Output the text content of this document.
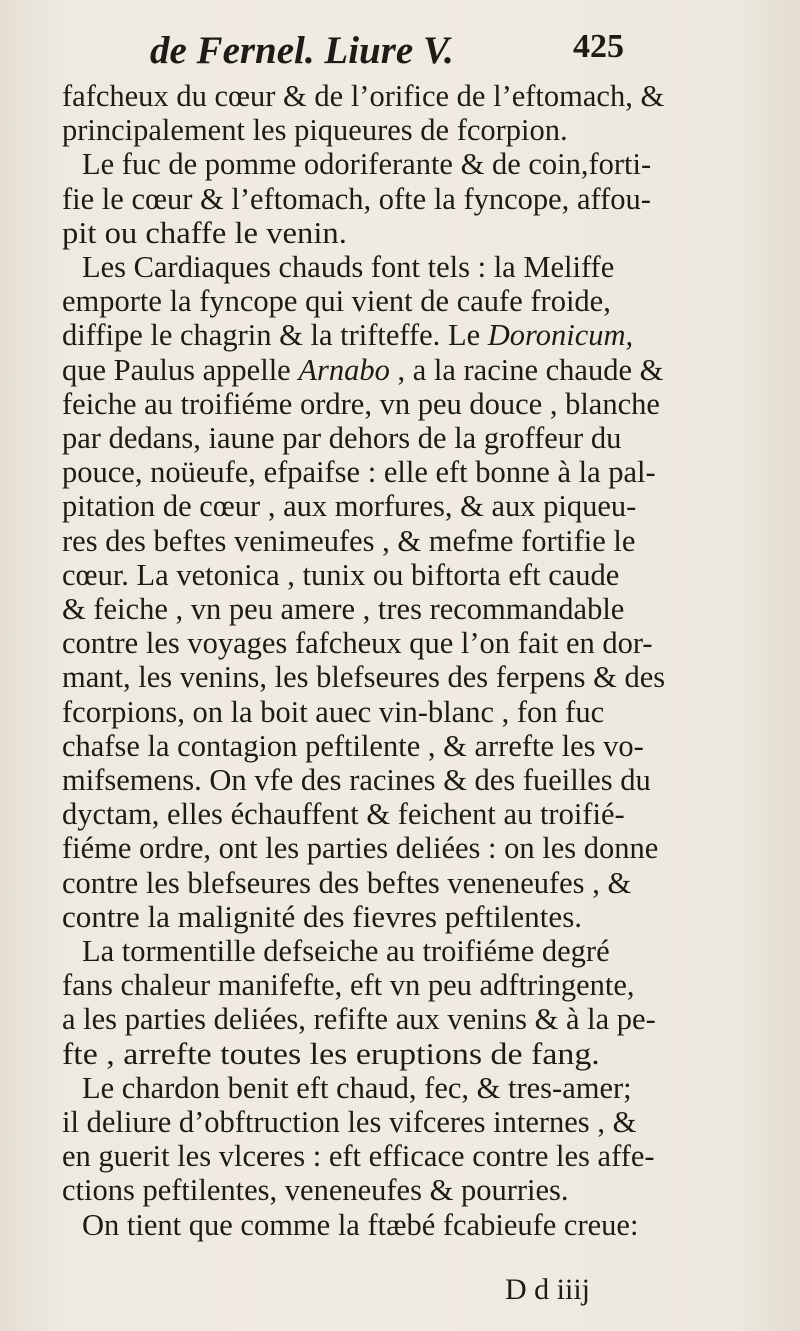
de Fernel. Liure V.	425
fafcheux du cœur & de l’orifice de l’eftomach, &
principalement les piqueures de fcorpion.
Le fuc de pomme odoriferante & de coin,forti-
fie le cœur & l’eftomach, ofte la fyncope, affou-
pit ou chaffe le venin.
Les Cardiaques chauds font tels : la Meliffe
emporte la fyncope qui vient de caufe froide,
diffipe le chagrin & la trifteffe. Le Doronicum,
que Paulus appelle Arnabo , a la racine chaude &
feiche au troifiéme ordre, vn peu douce , blanche
par dedans, iaune par dehors de la groffeur du
pouce, noüeufe, efpaifse : elle eft bonne à la pal-
pitation de cœur , aux morfures, & aux piqueu-
res des beftes venimeufes , & mefme fortifie le
cœur. La vetonica , tunix ou biftorta eft caude
& feiche , vn peu amere , tres recommandable
contre les voyages fafcheux que l’on fait en dor-
mant, les venins, les blefseures des ferpens & des
fcorpions, on la boit auec vin-blanc , fon fuc
chafse la contagion peftilente , & arrefte les vo-
mifsemens. On vfe des racines & des fueilles du
dyctam, elles échauffent & feichent au troifié-
fiéme ordre, ont les parties deliées : on les donne
contre les blefseures des beftes veneneufes , &
contre la malignité des fievres peftilentes.
La tormentille defseiche au troifiéme degré
fans chaleur manifefte, eft vn peu adftringente,
a les parties deliées, refifte aux venins & à la pe-
fte , arrefte toutes les eruptions de fang.
Le chardon benit eft chaud, fec, & tres-amer;
il deliure d’obftruction les vifceres internes , &
en guerit les vlceres : eft efficace contre les affe-
ctions peftilentes, veneneufes & pourries.
On tient que comme la ftæbé fcabieufe creue:
D d iiij
